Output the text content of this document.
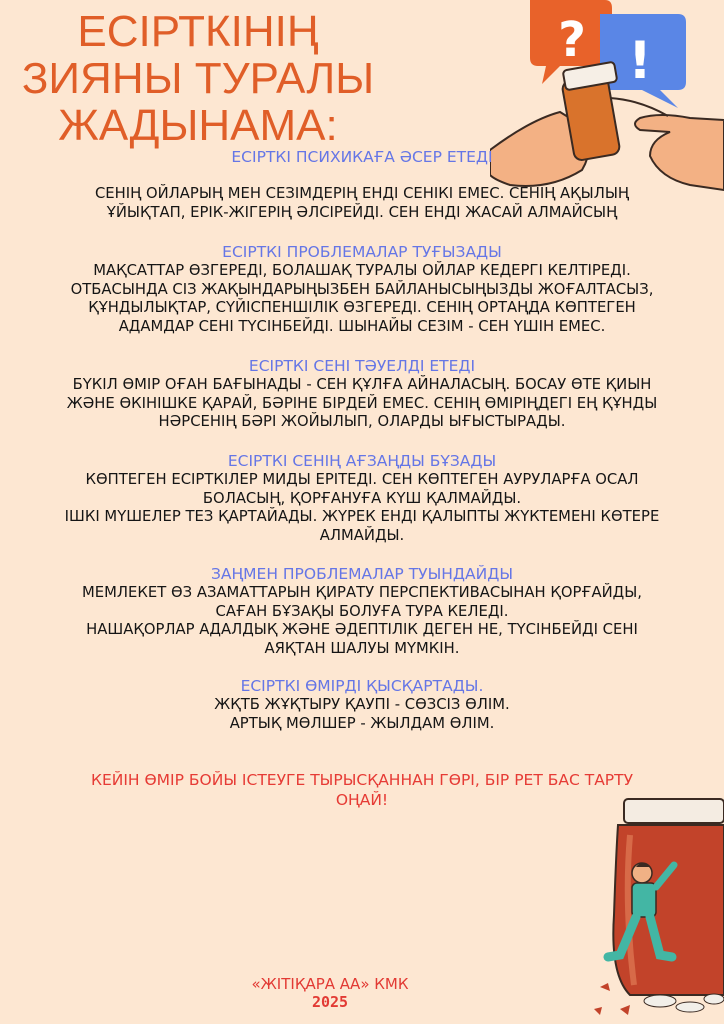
ЕСІРТКІНІҢ
ЗИЯНЫ ТУРАЛЫ
ЖАДЫНАМА:
? !

ЕСІРТКІ ПСИХИКАҒА ӘСЕР ЕТЕДІ

СЕНІҢ ОЙЛАРЫҢ МЕН СЕЗІМДЕРІҢ ЕНДІ СЕНІКІ ЕМЕС. СЕНІҢ АҚЫЛЫҢ

ҰЙЫҚТАП, ЕРІК-ЖІГЕРІҢ ӘЛСІРЕЙДІ. СЕН ЕНДІ ЖАСАЙ АЛМАЙСЫҢ

ЕСІРТКІ ПРОБЛЕМАЛАР ТУҒЫЗАДЫ

МАҚСАТТАР ӨЗГЕРЕДІ, БОЛАШАҚ ТУРАЛЫ ОЙЛАР КЕДЕРГІ КЕЛТІРЕДІ.

ОТБАСЫНДА СІЗ ЖАҚЫНДАРЫҢЫЗБЕН БАЙЛАНЫСЫҢЫЗДЫ ЖОҒАЛТАСЫЗ,

ҚҰНДЫЛЫҚТАР, СҮЙІСПЕНШІЛІК ӨЗГЕРЕДІ. СЕНІҢ ОРТАҢДА КӨПТЕГЕН

АДАМДАР СЕНІ ТҮСІНБЕЙДІ. ШЫНАЙЫ СЕЗІМ - СЕН ҮШІН ЕМЕС.

ЕСІРТКІ СЕНІ ТӘУЕЛДІ ЕТЕДІ

БҮКІЛ ӨМІР ОҒАН БАҒЫНАДЫ - СЕН ҚҰЛҒА АЙНАЛАСЫҢ. БОСАУ ӨТЕ ҚИЫН

ЖӘНЕ ӨКІНІШКЕ ҚАРАЙ, БӘРІНЕ БІРДЕЙ ЕМЕС. СЕНІҢ ӨМІРІҢДЕГІ ЕҢ ҚҰНДЫ

НӘРСЕНІҢ БӘРІ ЖОЙЫЛЫП, ОЛАРДЫ ЫҒЫСТЫРАДЫ.

ЕСІРТКІ СЕНІҢ АҒЗАҢДЫ БҰЗАДЫ

КӨПТЕГЕН ЕСІРТКІЛЕР МИДЫ ЕРІТЕДІ. СЕН КӨПТЕГЕН АУРУЛАРҒА ОСАЛ

БОЛАСЫҢ, ҚОРҒАНУҒА КҮШ ҚАЛМАЙДЫ.

ІШКІ МҮШЕЛЕР ТЕЗ ҚАРТАЙАДЫ. ЖҮРЕК ЕНДІ ҚАЛЫПТЫ ЖҮКТЕМЕНІ КӨТЕРЕ

АЛМАЙДЫ.

ЗАҢМЕН ПРОБЛЕМАЛАР ТУЫНДАЙДЫ

МЕМЛЕКЕТ ӨЗ АЗАМАТТАРЫН ҚИРАТУ ПЕРСПЕКТИВАСЫНАН ҚОРҒАЙДЫ,

САҒАН БҰЗАҚЫ БОЛУҒА ТУРА КЕЛЕДІ.

НАШАҚОРЛАР АДАЛДЫҚ ЖӘНЕ ӘДЕПТІЛІК ДЕГЕН НЕ, ТҮСІНБЕЙДІ СЕНІ

АЯҚТАН ШАЛУЫ МҮМКІН.

ЕСІРТКІ ӨМІРДІ ҚЫСҚАРТАДЫ.

ЖҚТБ ЖҰҚТЫРУ ҚАУПІ - СӨЗСІЗ ӨЛІМ.

АРТЫҚ МӨЛШЕР - ЖЫЛДАМ ӨЛІМ.

КЕЙІН ӨМІР БОЙЫ ІСТЕУГЕ ТЫРЫСҚАННАН ГӨРІ, БІР РЕТ БАС ТАРТУ
ОҢАЙ!
«ЖІТІҚАРА АА» КМК
2025
